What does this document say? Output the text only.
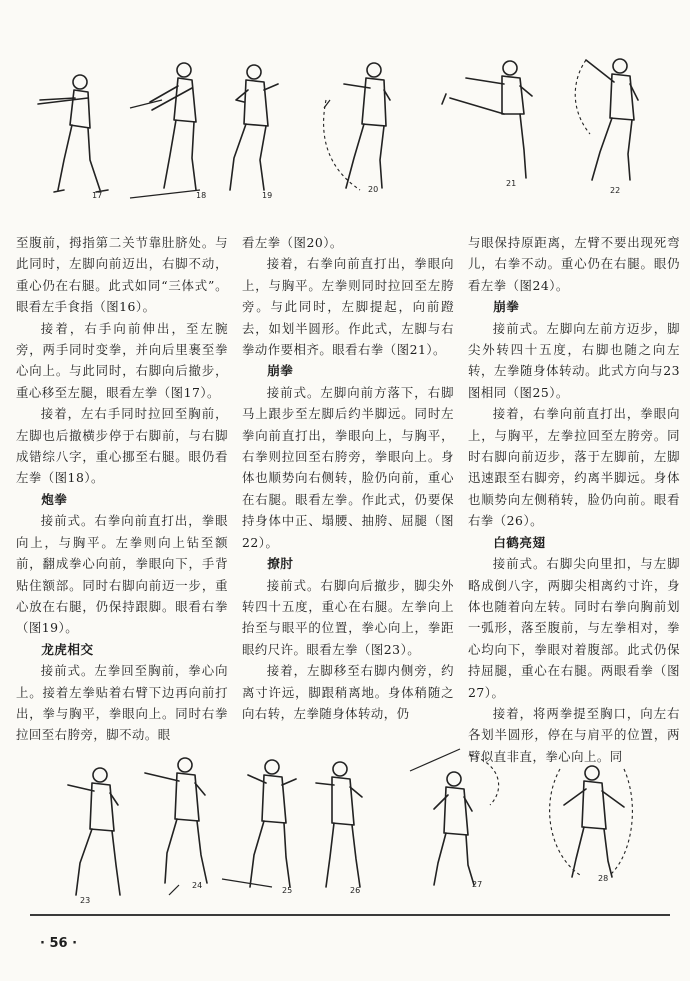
17	18	19
20
21
22

至腹前，拇指第二关节靠肚脐处。与此同时，左脚向前迈出，右脚不动，重心仍在右腿。此式如同“三体式”。眼看左手食指（图16）。

接着，右手向前伸出，至左腕旁，两手同时变拳，并向后里裹至拳心向上。与此同时，右脚向后撤步，重心移至左腿，眼看左拳（图17）。

接着，左右手同时拉回至胸前，左脚也后撤横步停于右脚前，与右脚成错综八字，重心挪至右腿。眼仍看左拳（图18）。

炮拳

接前式。右拳向前直打出，拳眼向上，与胸平。左拳则向上钻至额前，翻成拳心向前，拳眼向下，手背贴住额部。同时右脚向前迈一步，重心放在右腿，仍保持跟脚。眼看右拳（图19）。

龙虎相交

接前式。左拳回至胸前，拳心向上。接着左拳贴着右臂下边再向前打出，拳与胸平，拳眼向上。同时右拳拉回至右胯旁，脚不动。眼

看左拳（图20）。

接着，右拳向前直打出，拳眼向上，与胸平。左拳则同时拉回至左胯旁。与此同时，左脚提起，向前蹬去，如划半圆形。作此式，左脚与右拳动作要相齐。眼看右拳（图21）。

崩拳

接前式。左脚向前方落下，右脚马上跟步至左脚后约半脚远。同时左拳向前直打出，拳眼向上，与胸平，右拳则拉回至右胯旁，拳眼向上。身体也顺势向右侧转，脸仍向前，重心在右腿。眼看左拳。作此式，仍要保持身体中正、塌腰、抽胯、屈腿（图22）。

撩肘

接前式。右脚向后撤步，脚尖外转四十五度，重心在右腿。左拳向上抬至与眼平的位置，拳心向上，拳距眼约尺许。眼看左拳（图23）。

接着，左脚移至右脚内侧旁，约离寸许远，脚跟稍离地。身体稍随之向右转，左拳随身体转动，仍

与眼保持原距离，左臂不要出现死弯儿，右拳不动。重心仍在右腿。眼仍看左拳（图24）。

崩拳

接前式。左脚向左前方迈步，脚尖外转四十五度，右脚也随之向左转，左拳随身体转动。此式方向与23图相同（图25）。

接着，右拳向前直打出，拳眼向上，与胸平，左拳拉回至左胯旁。同时右脚向前迈步，落于左脚前，左脚迅速跟至右脚旁，约离半脚远。身体也顺势向左侧稍转，脸仍向前。眼看右拳（26）。

白鹤亮翅

接前式。右脚尖向里扣，与左脚略成倒八字，两脚尖相离约寸许，身体也随着向左转。同时右拳向胸前划一弧形，落至腹前，与左拳相对，拳心均向下，拳眼对着腹部。此式仍保持屈腿，重心在右腿。两眼看拳（图27）。

接着，将两拳提至胸口，向左右各划半圆形，停在与肩平的位置，两臂似直非直，拳心向上。同

23
24
25	26
27
28
· 56 ·
